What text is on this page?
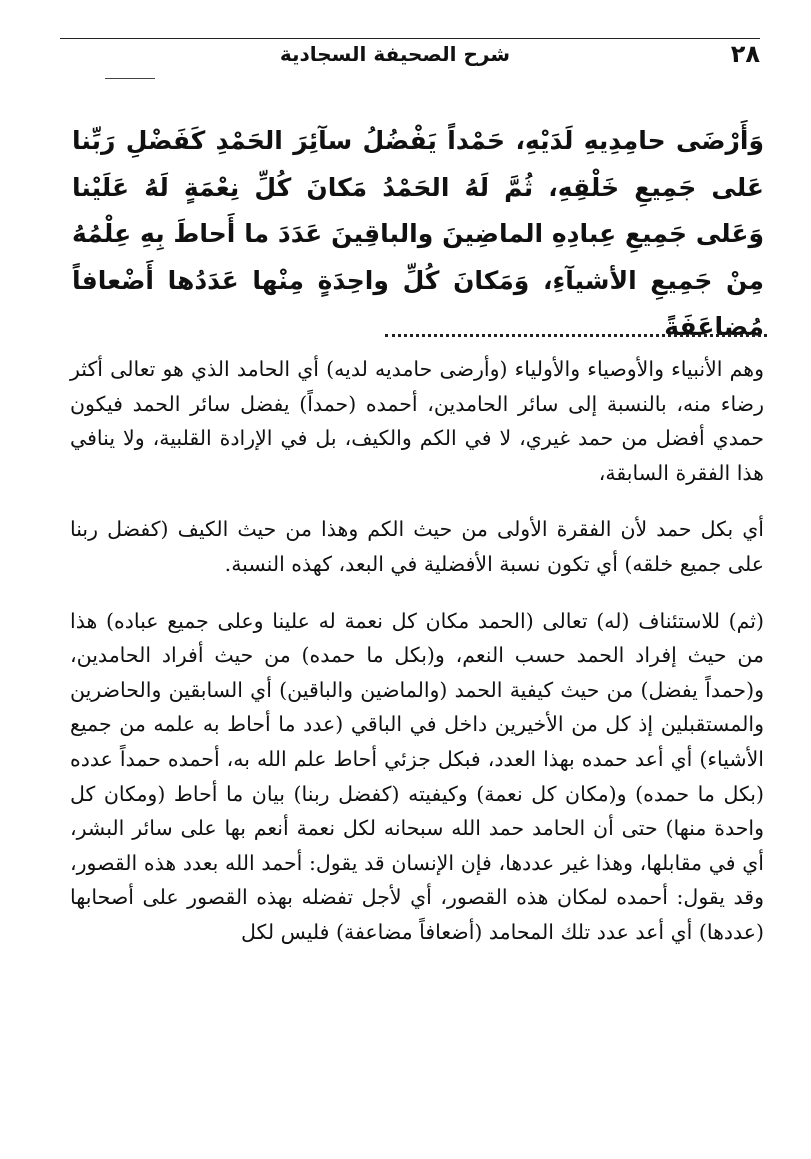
شرح الصحيفة السجادية	٢٨

وَأَرْضَى حامِدِيهِ لَدَيْهِ، حَمْداً يَفْضُلُ سآئِرَ الحَمْدِ كَفَضْلِ رَبِّنا عَلى جَمِيعِ خَلْقِهِ، ثُمَّ لَهُ الحَمْدُ مَكانَ كُلِّ نِعْمَةٍ لَهُ عَلَيْنا وَعَلى جَمِيعِ عِبادِهِ الماضِينَ والباقِينَ عَدَدَ ما أَحاطَ بِهِ عِلْمُهُ مِنْ جَمِيعِ الأشيآءِ، وَمَكانَ كُلِّ واحِدَةٍ مِنْها عَدَدُها أَضْعافاً مُضاعَفَةً

وهم الأنبياء والأوصياء والأولياء (وأرضى حامديه لديه) أي الحامد الذي هو تعالى أكثر رضاء منه، بالنسبة إلى سائر الحامدين، أحمده (حمداً) يفضل سائر الحمد فيكون حمدي أفضل من حمد غيري، لا في الكم والكيف، بل في الإرادة القلبية، ولا ينافي هذا الفقرة السابقة،

أي بكل حمد لأن الفقرة الأولى من حيث الكم وهذا من حيث الكيف (كفضل ربنا على جميع خلقه) أي تكون نسبة الأفضلية في البعد، كهذه النسبة.

(ثم) للاستئناف (له) تعالى (الحمد مكان كل نعمة له علينا وعلى جميع عباده) هذا من حيث إفراد الحمد حسب النعم، و(بكل ما حمده) من حيث أفراد الحامدين، و(حمداً يفضل) من حيث كيفية الحمد (والماضين والباقين) أي السابقين والحاضرين والمستقبلين إذ كل من الأخيرين داخل في الباقي (عدد ما أحاط به علمه من جميع الأشياء) أي أعد حمده بهذا العدد، فبكل جزئي أحاط علم الله به، أحمده حمداً عدده (بكل ما حمده) و(مكان كل نعمة) وكيفيته (كفضل ربنا) بيان ما أحاط (ومكان كل واحدة منها) حتى أن الحامد حمد الله سبحانه لكل نعمة أنعم بها على سائر البشر، أي في مقابلها، وهذا غير عددها، فإن الإنسان قد يقول: أحمد الله بعدد هذه القصور، وقد يقول: أحمده لمكان هذه القصور، أي لأجل تفضله بهذه القصور على أصحابها (عددها) أي أعد عدد تلك المحامد (أضعافاً مضاعفة) فليس لكل
